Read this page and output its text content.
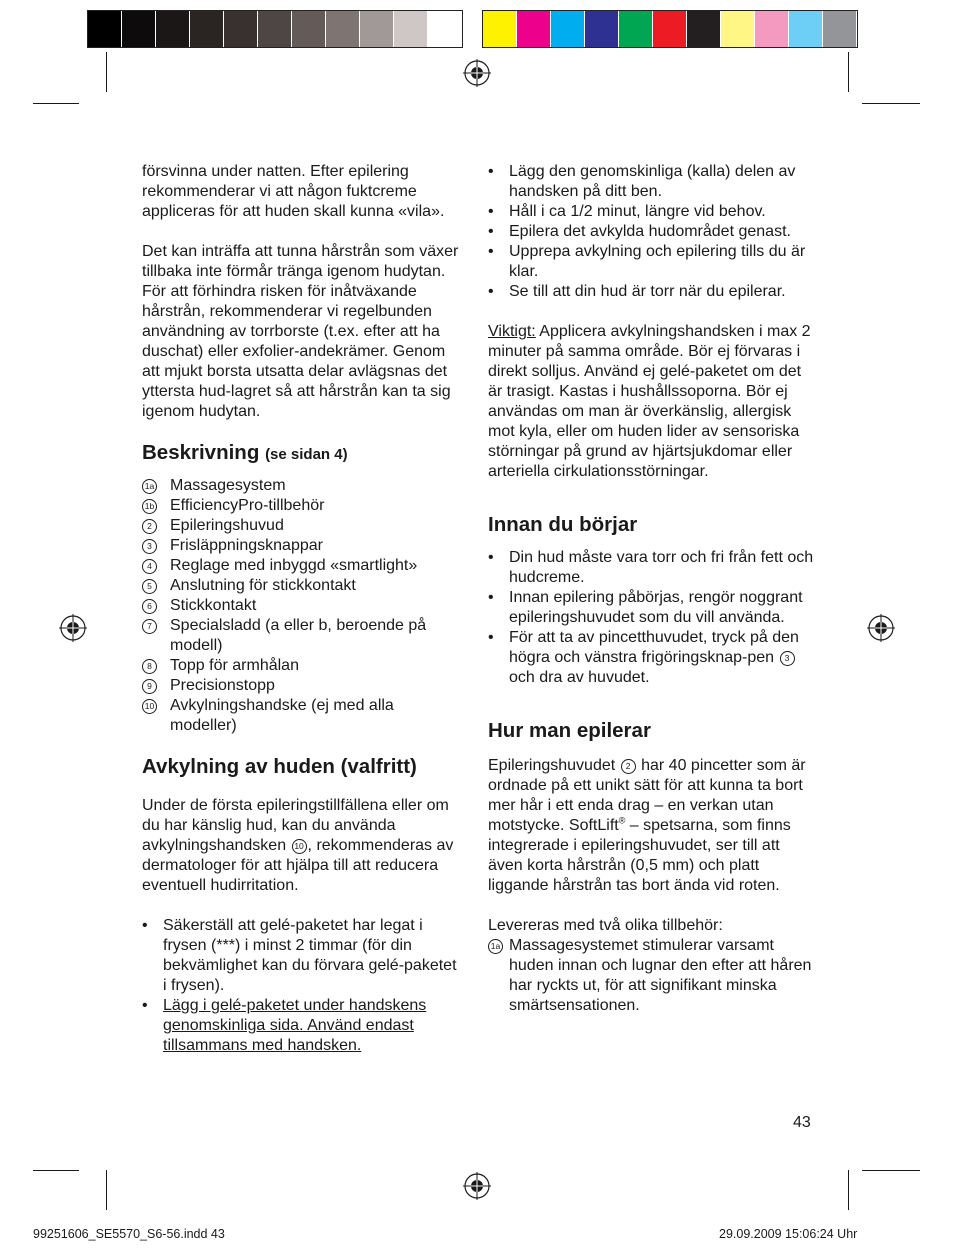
försvinna under natten. Efter epilering rekommenderar vi att någon fuktcreme appliceras för att huden skall kunna «vila».

Det kan inträffa att tunna hårstrån som växer tillbaka inte förmår tränga igenom hudytan. För att förhindra risken för inåtväxande hårstrån, rekommenderar vi regelbunden användning av torrborste (t.ex. efter att ha duschat) eller exfolier-andekrämer. Genom att mjukt borsta utsatta delar avlägsnas det yttersta hud-lagret så att hårstrån kan ta sig igenom hudytan.

Beskrivning (se sidan 4)
1a Massagesystem
1b EfficiencyPro-tillbehör
2	Epileringshuvud
3	Frisläppningsknappar
4	Reglage med inbyggd «smartlight»
5	Anslutning för stickkontakt
6	Stickkontakt
7	Specialsladd (a eller b, beroende på modell)
8	Topp för armhålan
9	Precisionstopp
10 Avkylningshandske (ej med alla modeller)
Avkylning av huden (valfritt)

Under de första epileringstillfällena eller om du har känslig hud, kan du använda avkylningshandsken 10 , rekommenderas av dermatologer för att hjälpa till att reducera eventuell hudirritation.

• Säkerställ att gelé-paketet har legat i frysen (***) i minst 2 timmar (för din bekvämlighet kan du förvara gelé-paketet i frysen).
• Lägg i gelé-paketet under handskens genomskinliga sida. Använd endast tillsammans med handsken.
• Lägg den genomskinliga (kalla) delen av handsken på ditt ben.
• Håll i ca 1/2 minut, längre vid behov.
• Epilera det avkylda hudområdet genast.
• Upprepa avkylning och epilering tills du är klar.
• Se till att din hud är torr när du epilerar.

Viktigt: Applicera avkylningshandsken i max 2 minuter på samma område. Bör ej förvaras i direkt solljus. Använd ej gelé-paketet om det är trasigt. Kastas i hushållssoporna. Bör ej användas om man är överkänslig, allergisk mot kyla, eller om huden lider av sensoriska störningar på grund av hjärtsjukdomar eller arteriella cirkulationsstörningar.

Innan du börjar
• Din hud måste vara torr och fri från fett och hudcreme.
• Innan epilering påbörjas, rengör noggrant epileringshuvudet som du vill använda.
• För att ta av pincetthuvudet, tryck på den högra och vänstra frigöringsknap-pen 3 och dra av huvudet.
Hur man epilerar

Epileringshuvudet 2 har 40 pincetter som är ordnade på ett unikt sätt för att kunna ta bort mer hår i ett enda drag – en verkan utan motstycke. SoftLift® – spetsarna, som finns integrerade i epileringshuvudet, ser till att även korta hårstrån (0,5 mm) och platt liggande hårstrån tas bort ända vid roten.

Levereras med två olika tillbehör:

1a Massagesystemet stimulerar varsamt huden innan och lugnar den efter att håren har ryckts ut, för att signifikant minska smärtsensationen.
43
99251606_SE5570_S6-56.indd 43	29.09.2009 15:06:24 Uhr
